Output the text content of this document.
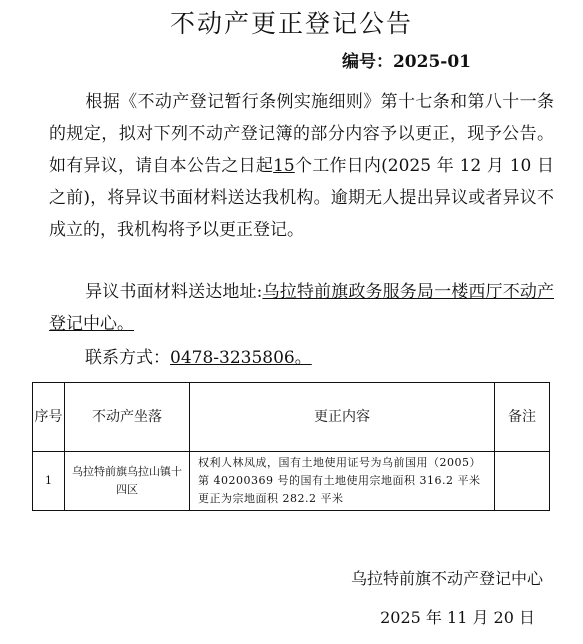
不动产更正登记公告
编号：2025-01
根据《不动产登记暂行条例实施细则》第十七条和第八十一条的规定，拟对下列不动产登记簿的部分内容予以更正，现予公告。如有异议，请自本公告之日起15个工作日内(2025 年 12 月 10 日之前)，将异议书面材料送达我机构。逾期无人提出异议或者异议不成立的，我机构将予以更正登记。
异议书面材料送达地址:乌拉特前旗政务服务局一楼西厅不动产登记中心。
联系方式：0478-3235806。
序号	不动产坐落	更正内容	备注
1	乌拉特前旗乌拉山镇十四区	权利人林凤成，国有土地使用证号为乌前国用（2005）第 40200369 号的国有土地使用宗地面积 316.2 平米更正为宗地面积 282.2 平米	
乌拉特前旗不动产登记中心
2025 年 11 月 20 日
